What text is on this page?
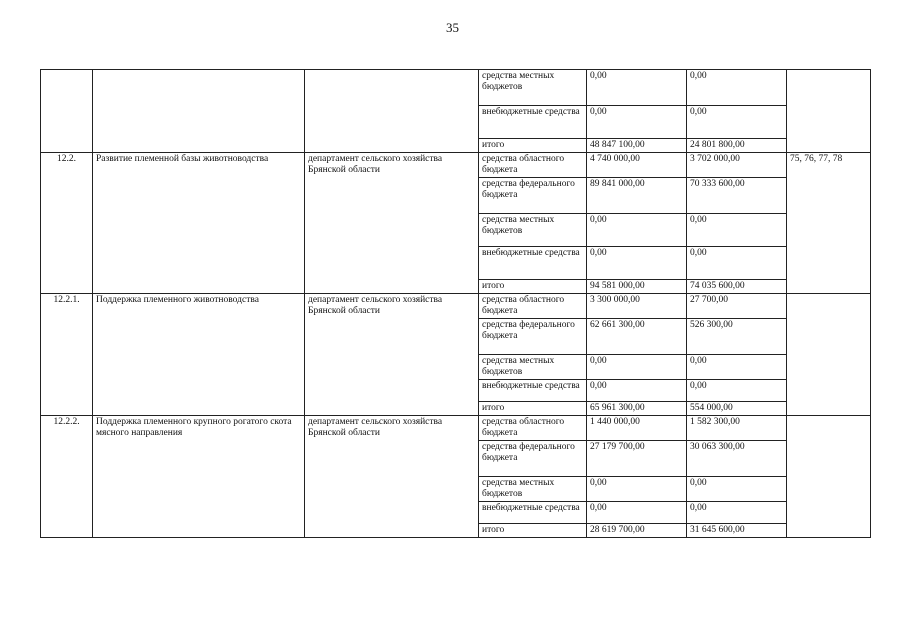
35
			средства местных бюджетов	0,00	0,00	
			внебюджетные средства	0,00	0,00	
			итого	48 847 100,00	24 801 800,00	
12.2.	Развитие племенной базы животноводства	департамент сельского хозяйства Брянской области	средства областного бюджета	4 740 000,00	3 702 000,00	75, 76, 77, 78
			средства федерального бюджета	89 841 000,00	70 333 600,00	
			средства местных бюджетов	0,00	0,00	
			внебюджетные средства	0,00	0,00	
			итого	94 581 000,00	74 035 600,00	
12.2.1.	Поддержка племенного животноводства	департамент сельского хозяйства Брянской области	средства областного бюджета	3 300 000,00	27 700,00	
			средства федерального бюджета	62 661 300,00	526 300,00	
			средства местных бюджетов	0,00	0,00	
			внебюджетные средства	0,00	0,00	
			итого	65 961 300,00	554 000,00	
12.2.2.	Поддержка племенного крупного рогатого скота мясного направления	департамент сельского хозяйства Брянской области	средства областного бюджета	1 440 000,00	1 582 300,00	
			средства федерального бюджета	27 179 700,00	30 063 300,00	
			средства местных бюджетов	0,00	0,00	
			внебюджетные средства	0,00	0,00	
			итого	28 619 700,00	31 645 600,00	
